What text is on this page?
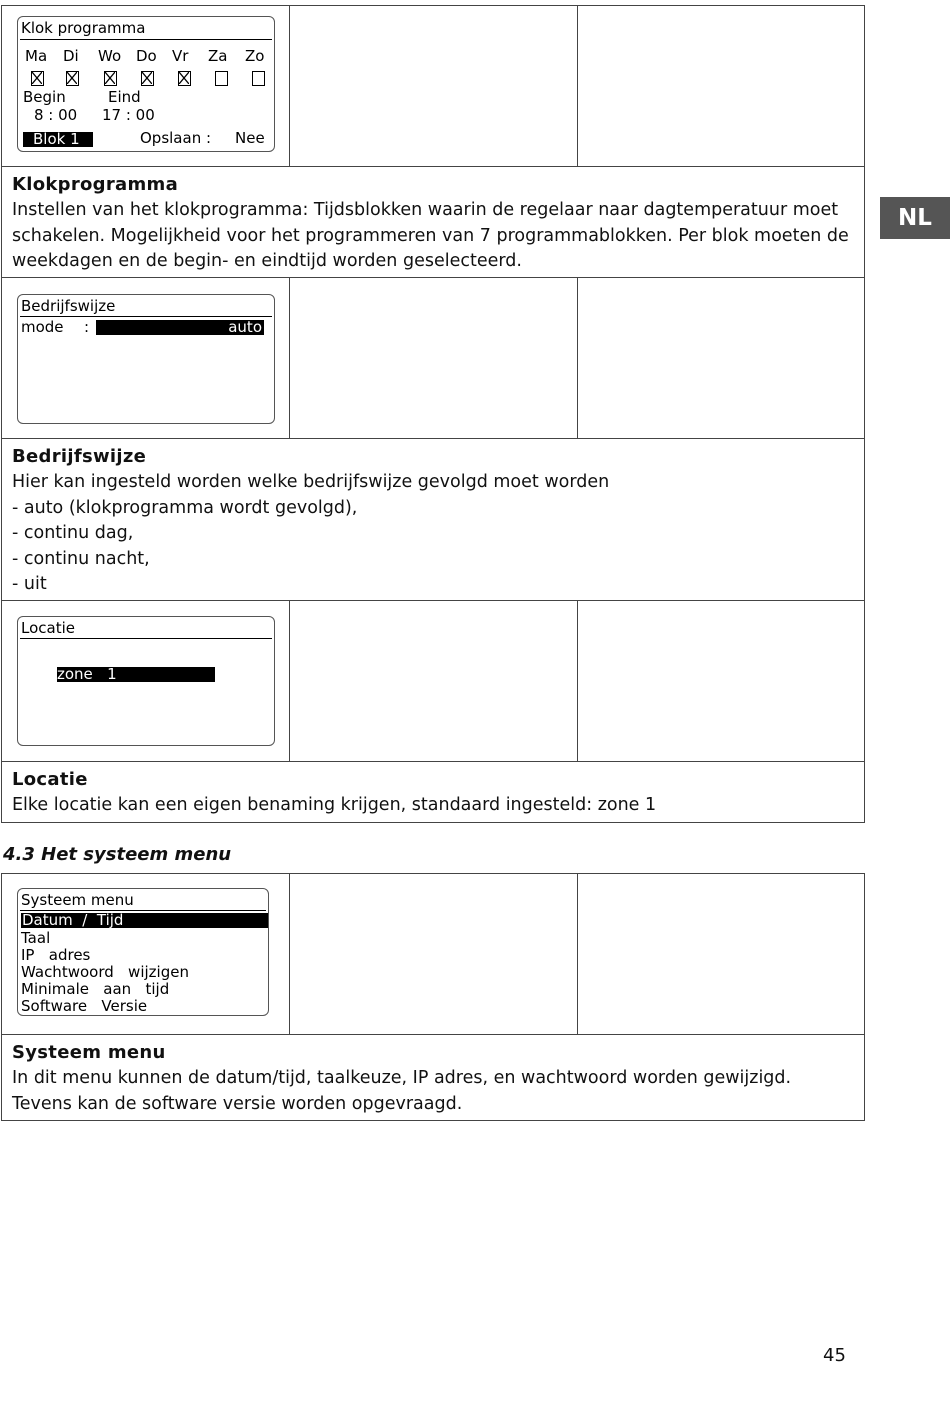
Klok programma
Ma Di Wo Do Vr Za Zo
Begin	Eind
8 : 00 17 : 00
Blok 1	Opslaan : Nee
Klokprogramma

Instellen van het klokprogramma: Tijdsblokken waarin de regelaar naar dagtemperatuur moet

schakelen. Mogelijkheid voor het programmeren van 7 programmablokken. Per blok moeten de

weekdagen en de begin- en eindtijd worden geselecteerd.

NL
Bedrijfswijze
mode :	auto
Bedrijfswijze

Hier kan ingesteld worden welke bedrijfswijze gevolgd moet worden

- auto (klokprogramma wordt gevolgd),

- continu dag,

- continu nacht,

- uit

Locatie
zone   1
Locatie

Elke locatie kan een eigen benaming krijgen, standaard ingesteld: zone 1

4.3 Het systeem menu
Systeem menu
Datum  /  Tijd
Taal
IP   adres
Wachtwoord   wijzigen
Minimale   aan   tijd
Software   Versie
Systeem menu

In dit menu kunnen de datum/tijd, taalkeuze, IP adres, en wachtwoord worden gewijzigd.

Tevens kan de software versie worden opgevraagd.

45
